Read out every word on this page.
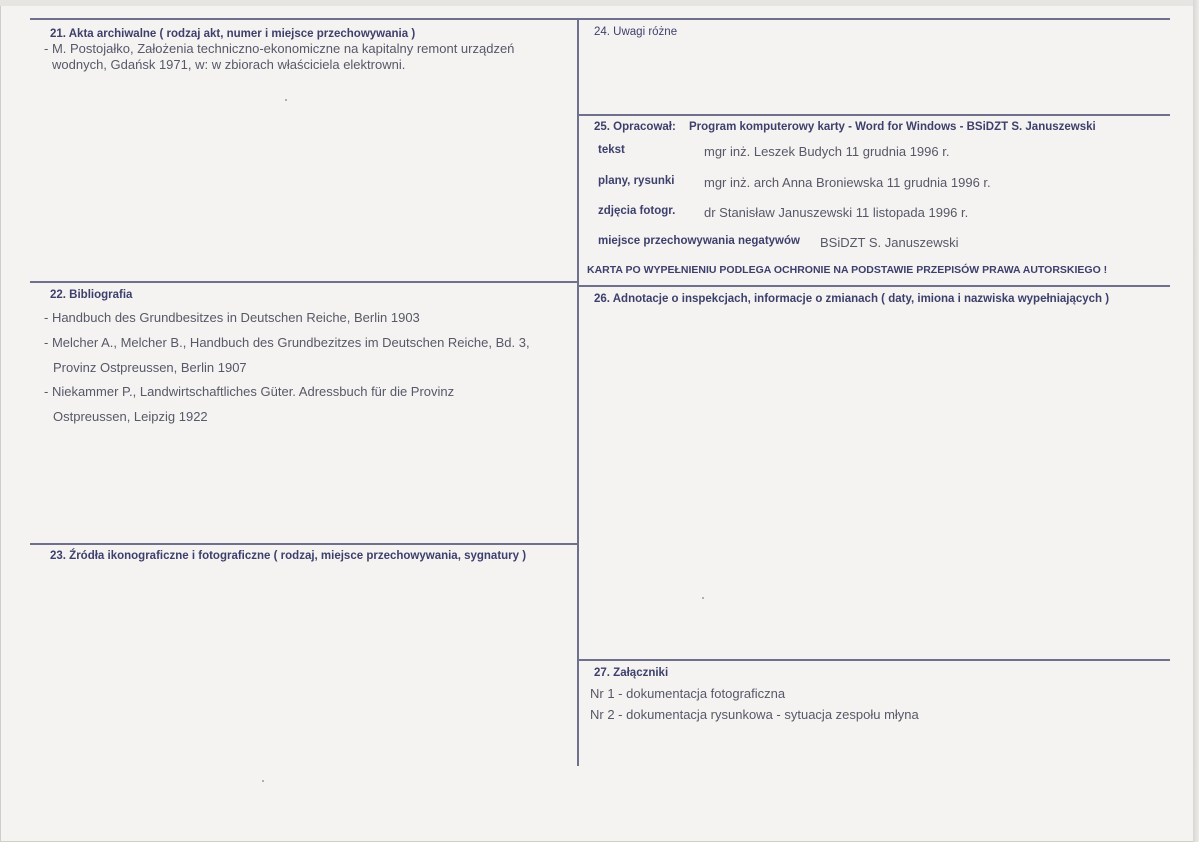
21. Akta archiwalne ( rodzaj akt, numer i miejsce przechowywania )
- M. Postojałko, Założenia techniczno-ekonomiczne na kapitalny remont urządzeń
wodnych, Gdańsk 1971, w: w zbiorach właściciela elektrowni.
22. Bibliografia
- Handbuch des Grundbesitzes in Deutschen Reiche, Berlin 1903
- Melcher A., Melcher B., Handbuch des Grundbezitzes im Deutschen Reiche, Bd. 3,
Provinz Ostpreussen, Berlin 1907
- Niekammer P., Landwirtschaftliches Güter. Adressbuch für die Provinz
Ostpreussen, Leipzig 1922
23. Źródła ikonograficzne i fotograficzne ( rodzaj, miejsce przechowywania, sygnatury )
24. Uwagi różne
25. Opracował: Program komputerowy karty - Word for Windows - BSiDZT S. Januszewski
tekst	mgr inż. Leszek Budych 11 grudnia 1996 r.
plany, rysunki mgr inż. arch Anna Broniewska 11 grudnia 1996 r.
zdjęcia fotogr. dr Stanisław Januszewski 11 listopada 1996 r.
miejsce przechowywania negatywów BSiDZT S. Januszewski
KARTA PO WYPEŁNIENIU PODLEGA OCHRONIE NA PODSTAWIE PRZEPISÓW PRAWA AUTORSKIEGO !
26. Adnotacje o inspekcjach, informacje o zmianach ( daty, imiona i nazwiska wypełniających )
27. Załączniki
Nr 1 - dokumentacja fotograficzna
Nr 2 - dokumentacja rysunkowa - sytuacja zespołu młyna
